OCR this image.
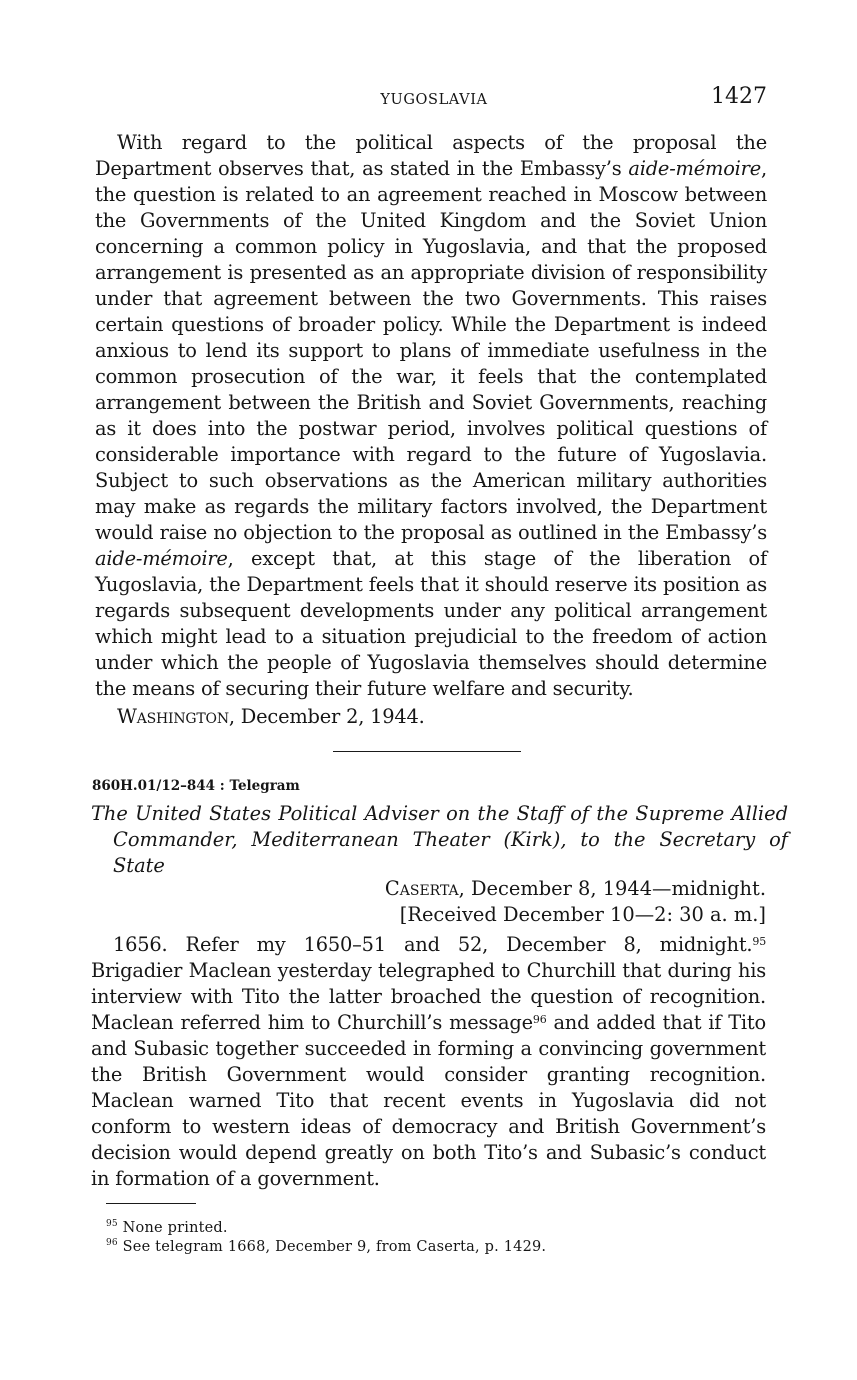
YUGOSLAVIA	1427

With regard to the political aspects of the proposal the Department observes that, as stated in the Embassy’s aide-mémoire, the question is related to an agreement reached in Moscow between the Governments of the United Kingdom and the Soviet Union concerning a common policy in Yugoslavia, and that the proposed arrangement is presented as an appropriate division of responsibility under that agreement between the two Governments. This raises certain questions of broader policy. While the Department is indeed anxious to lend its support to plans of immediate usefulness in the common prosecution of the war, it feels that the contemplated arrangement between the British and Soviet Governments, reaching as it does into the postwar period, involves political questions of considerable importance with regard to the future of Yugoslavia. Subject to such observations as the American military authorities may make as regards the military factors involved, the Department would raise no objection to the proposal as outlined in the Embassy’s aide-mémoire, except that, at this stage of the liberation of Yugoslavia, the Department feels that it should reserve its position as regards subsequent developments under any political arrangement which might lead to a situation prejudicial to the freedom of action under which the people of Yugoslavia themselves should determine the means of securing their future welfare and security.

Washington, December 2, 1944.

860H.01/12–844 : Telegram

The United States Political Adviser on the Staff of the Supreme Allied Commander, Mediterranean Theater (Kirk), to the Secretary of State

Caserta, December 8, 1944—midnight.
[Received December 10—2: 30 a. m.]

1656. Refer my 1650–51 and 52, December 8, midnight.$^{95}$ Brigadier Maclean yesterday telegraphed to Churchill that during his interview with Tito the latter broached the question of recognition. Maclean referred him to Churchill’s message$^{96}$ and added that if Tito and Subasic together succeeded in forming a convincing government the British Government would consider granting recognition. Maclean warned Tito that recent events in Yugoslavia did not conform to western ideas of democracy and British Government’s decision would depend greatly on both Tito’s and Subasic’s conduct in formation of a government.

$^{95}$ None printed.
$^{96}$ See telegram 1668, December 9, from Caserta, p. 1429.
